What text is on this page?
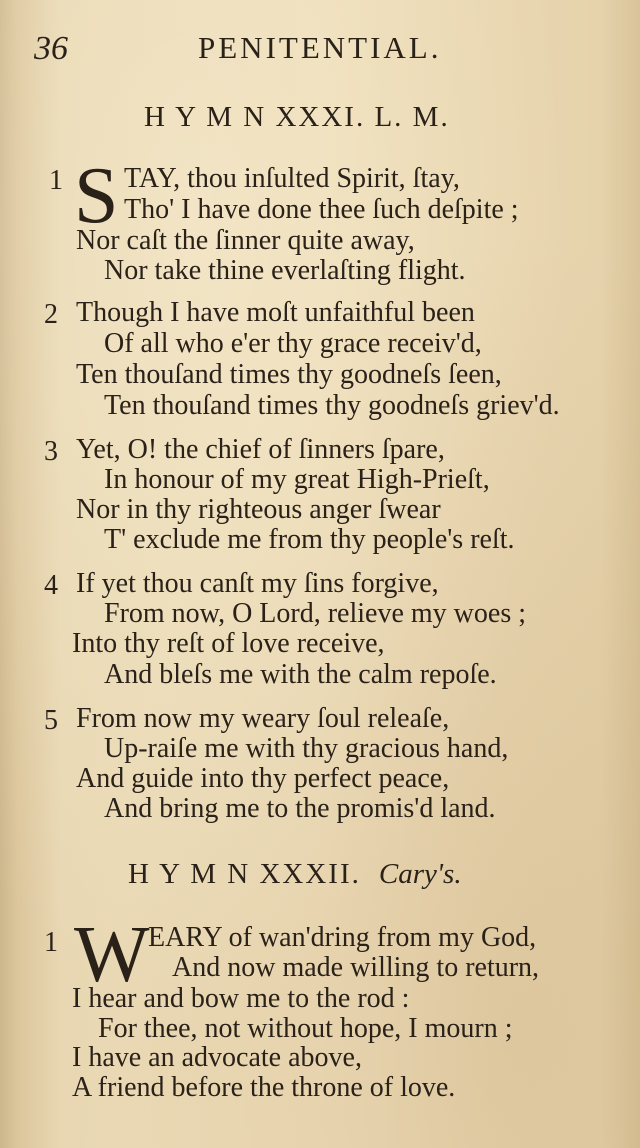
36	PENITENTIAL.
H Y M N XXXI. L. M.
1 S TAY, thou inſulted Spirit, ſtay,
Tho' I have done thee ſuch deſpite ;
Nor caſt the ſinner quite away,
Nor take thine everlaſting flight.
2 Though I have moſt unfaithful been
Of all who e'er thy grace receiv'd,
Ten thouſand times thy goodneſs ſeen,
Ten thouſand times thy goodneſs griev'd.
3 Yet, O! the chief of ſinners ſpare,
In honour of my great High-Prieſt,
Nor in thy righteous anger ſwear
T' exclude me from thy people's reſt.
4 If yet thou canſt my ſins forgive,
From now, O Lord, relieve my woes ;
Into thy reſt of love receive,
And bleſs me with the calm repoſe.
5 From now my weary ſoul releaſe,
Up-raiſe me with thy gracious hand,
And guide into thy perfect peace,
And bring me to the promis'd land.
H Y M N XXXII. Cary's.
1 W
EARY of wan'dring from my God,
And now made willing to return,
I hear and bow me to the rod :
For thee, not without hope, I mourn ;
I have an advocate above,
A friend before the throne of love.
